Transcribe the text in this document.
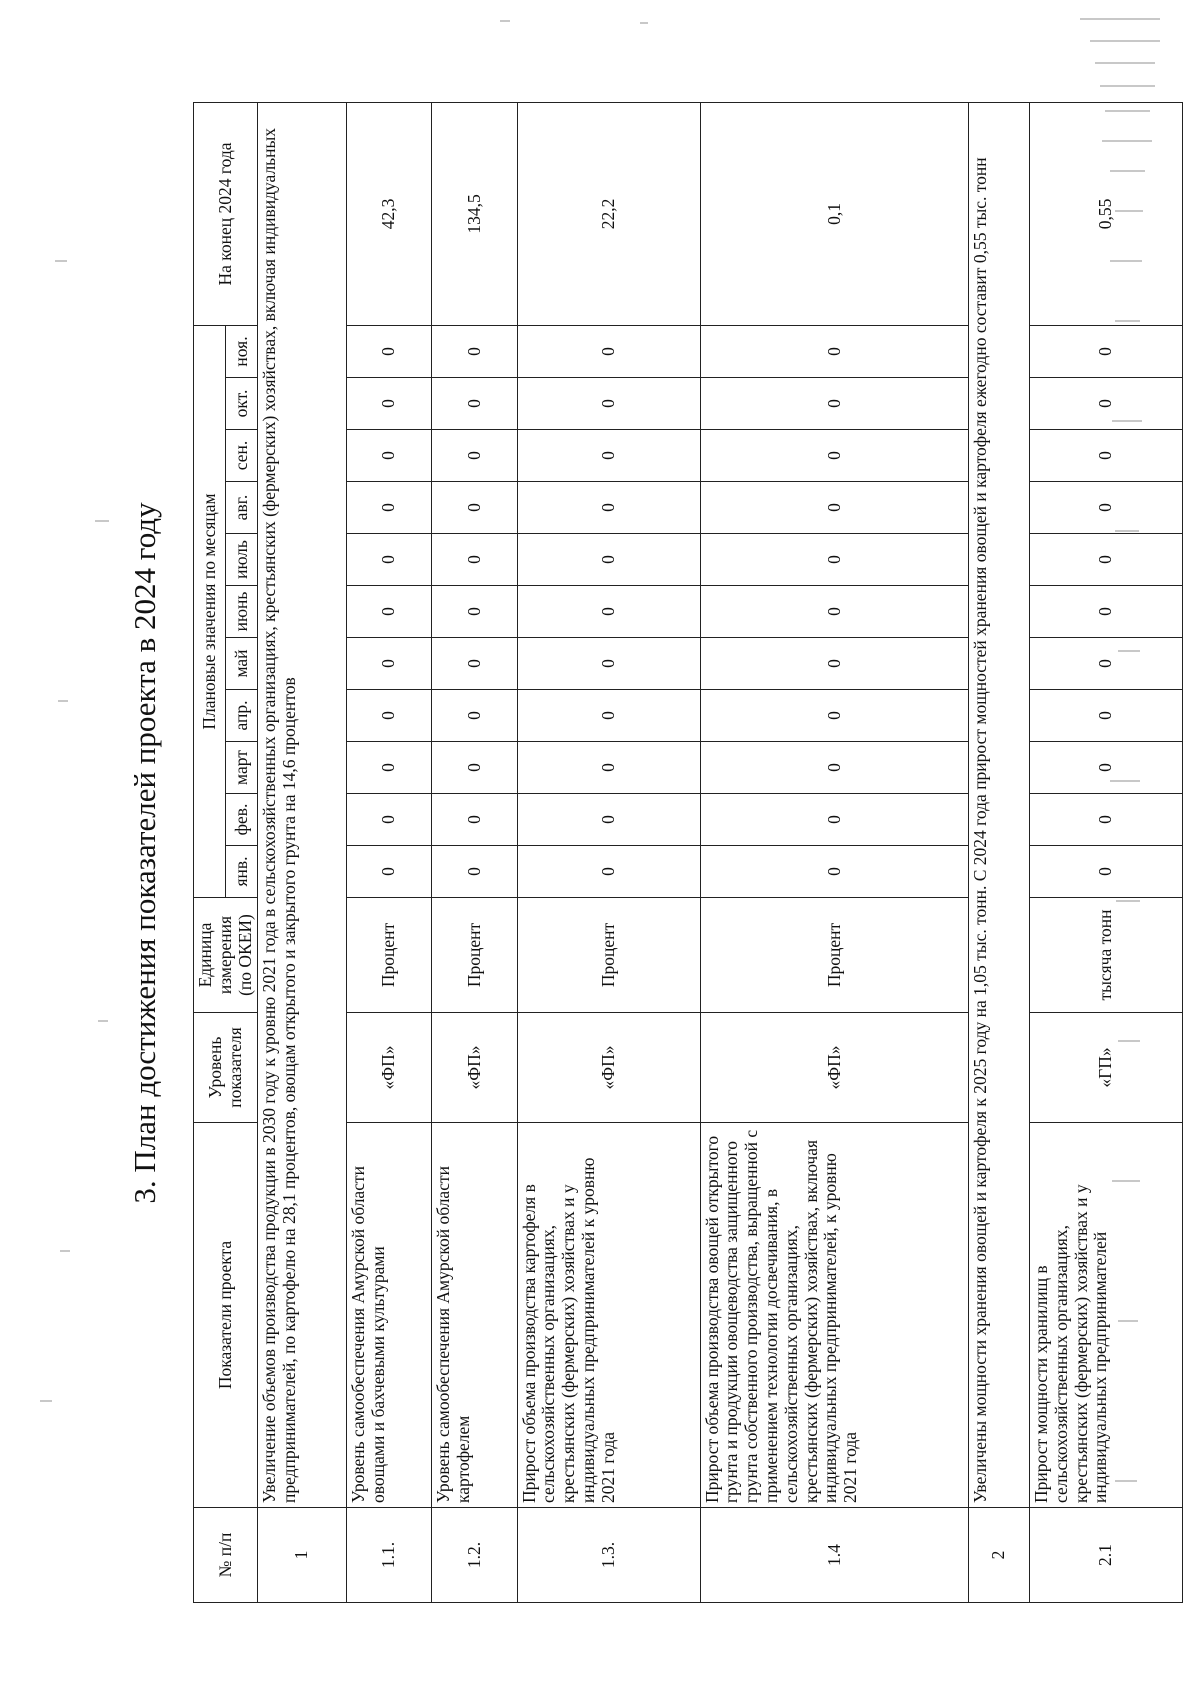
3. План достижения показателей проекта в 2024 году
№ п/п	Показатели проекта	Уровень показателя	Единица измерения (по ОКЕИ)	Плановые значения по месяцам											На конец 2024 года
				янв.	фев.	март	апр.	май	июнь	июль	авг.	сен.	окт.	ноя.	
1	Увеличение объемов производства продукции в 2030 году к уровню 2021 года в сельскохозяйственных организациях, крестьянских (фермерских) хозяйствах, включая индивидуальных предпринимателей, по картофелю на 28,1 процентов, овощам открытого и закрытого грунта на 14,6 процентов														
1.1.	Уровень самообеспечения Амурской области овощами и бахчевыми культурами	«ФП»	Процент	0	0	0	0	0	0	0	0	0	0	0	42,3
1.2.	Уровень самообеспечения Амурской области картофелем	«ФП»	Процент	0	0	0	0	0	0	0	0	0	0	0	134,5
1.3.	Прирост объема производства картофеля в сельскохозяйственных организациях, крестьянских (фермерских) хозяйствах и у индивидуальных предпринимателей к уровню 2021 года	«ФП»	Процент	0	0	0	0	0	0	0	0	0	0	0	22,2
1.4	Прирост объема производства овощей открытого грунта и продукции овощеводства защищенного грунта собственного производства, выращенной с применением технологии досвечивания, в сельскохозяйственных организациях, крестьянских (фермерских) хозяйствах, включая индивидуальных предпринимателей, к уровню 2021 года	«ФП»	Процент	0	0	0	0	0	0	0	0	0	0	0	0,1
2	Увеличены мощности хранения овощей и картофеля к 2025 году на 1,05 тыс. тонн. С 2024 года прирост мощностей хранения овощей и картофеля ежегодно составит 0,55 тыс. тонн														
2.1	Прирост мощности хранилищ в сельскохозяйственных организациях, крестьянских (фермерских) хозяйствах и у индивидуальных предпринимателей	«ГП»	тысяча тонн	0	0	0	0	0	0	0	0	0	0	0	0,55
